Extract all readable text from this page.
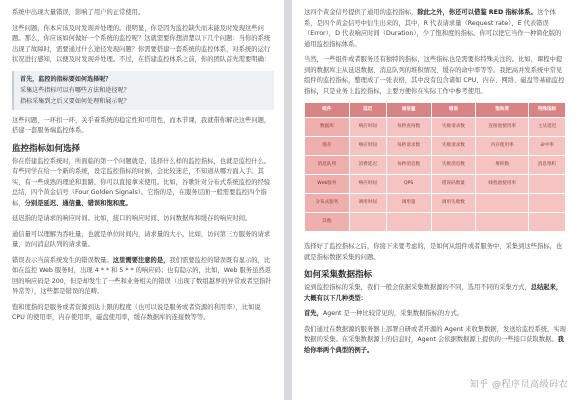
系统中出现大量错误，影响了用户的正常使用。

这些问题，你本应该及时发现并处理的。很明显，你是因为监控缺失而未能及时发现这些问题。那么，你应该如何做好一个系统的监控呢？这就需要你想清楚以下几个问题：当你的系统出现了故障时，需要通过什么途径发现问题？你需要搭建一套系统的监控体系，对系统的运行状况进行感知，以便及时发现并处理。不过，在搭建监控体系之前，你的团队首先需要明确：

首先，监控的指标要如何选择呢？

采集这些指标可以有哪些方法和途径呢？

指标采集到之后又要如何处理和展示呢？

这些问题，一环扣一环，关乎着系统的稳定性和可用性，而本节课，我就带你解决这些问题，搭建一套服务端监控体系。

监控指标如何选择

你在搭建监控系统时，所面临的第一个问题就是，选择什么样的监控指标，也就是监控什么。有些同学在给一个新的系统，设定监控指标的时候，会比较迷茫，不知道从哪方面入手。其实，有一些成熟的理论和套路，你可以直接拿来使用。比如，谷歌针对分布式系统监控的经验总结，四个黄金信号（Four Golden Signals）。它指的是，在服务层面一般需要监控四个指标，分别是延迟、通信量、错误和饱和度。

延迟指的是请求的响应时间。比如，接口的响应时间、访问数据库和缓存的响应时间。

通信量可以理解为吞吐量，也就是单位时间内，请求量的大小。比如，访问第三方服务的请求量，访问消息队列的请求量。

错误表示当前系统发生的错误数量。这里需要注意的是，我们需要监控的错误既有显示的，比如在监控 Web 服务时，出现 4 * * 和 5 * * 的响应码；也有隐示的，比如，Web 服务虽然返回的响应码是 200，但是却发生了一些和业务相关的错误（出现了数组越界的异常或者空指针异常等），这些都是错误的范畴。

饱和度指的是服务或者资源到达上限的程度（也可以说是服务或者资源的利用率），比如说 CPU 的使用率，内存使用率，磁盘使用率，缓存数据库的连接数等等。

这四个黄金信号提供了通用的监控指标，除此之外，你还可以借鉴 RED 指标体系。这个体系，是四个黄金信号中衍生出来的，其中，R 代表请求量（Request rate），E 代表错误（Error），D 代表响应时间（Duration），少了饱和度的指标。你可以把它当作一种简化版的通用监控指标体系。

当然，一些组件或者服务还有独特的指标，这些指标也是需要你特殊关注的。比如，课程中提到的数据库主从延迟数据、消息队列的堆积情况、缓存的命中率等等。我把高并发系统中常见组件的监控指标，整理成了一张表格，其中没有包含诸如 CPU、内存、网络、磁盘等基础监控指标，只是业务上监控指标，主要方便你在实际工作中参考使用。

组件	延迟	通信量	错误	饱和度	特殊指标
数据库	响应时间	每秒查询数	失败请求数	连接池使用率	主从延迟
缓存	响应时间	每秒请求数	失败请求数	内存使用率	命中率
消息队列	消费延迟	每秒消息数	失败消息数	堆积数	消息堆积
Web服务	响应时间	QPS	错误码数量	线程池使用率	
分布式服务	调用时间	调用量	调用失败数		
其他					

选择好了监控指标之后，你接下来要考虑的，是如何从组件或者服务中，采集到这些指标，也就是指标数据采集的问题。

如何采集数据指标

说到监控指标的采集，我们一般会依据采集数据源的不同，选用不同的采集方式，总结起来，大概有以下几种类型：

首先，Agent 是一种比较常见的，采集数据指标的方式。

我们通过在数据源的服务器上部署自研或者开源的 Agent 来收集数据，发送给监控系统，实现数据的采集。在采集数据源上的信息时，Agent 会依据数据源上提供的一些接口获取数据。我给你举两个典型的例子。

知乎 @程序员高级码农
